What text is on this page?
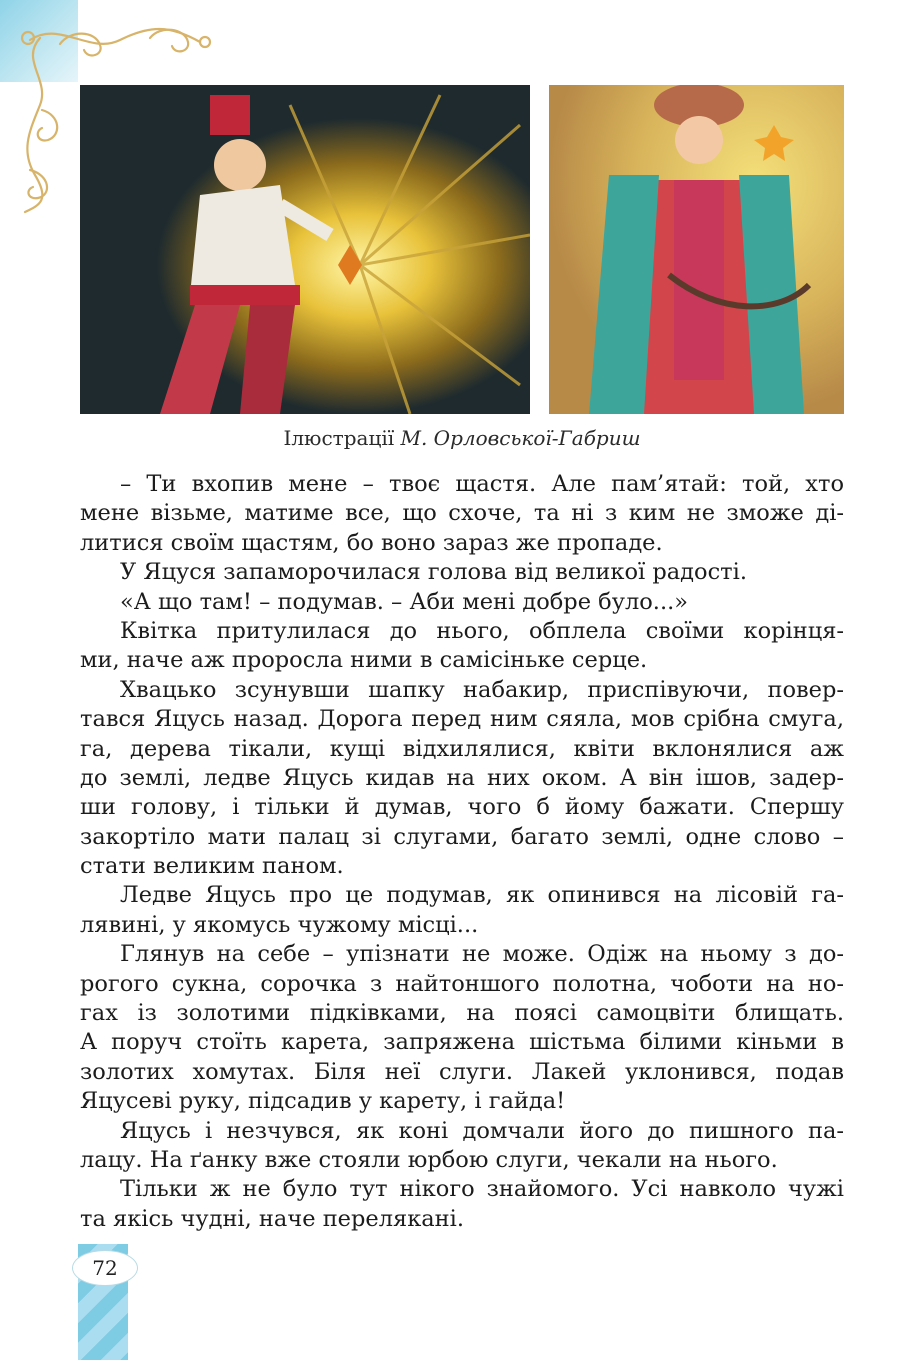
Ілюстрації М. Орловської-Габриш
– Ти вхопив мене – твоє щастя. Але пам’ятай: той, хто
мене візьме, матиме все, що схоче, та ні з ким не зможе ді-
литися своїм щастям, бо воно зараз же пропаде.
У Яцуся запаморочилася голова від великої радості.
«А що там! – подумав. – Аби мені добре було...»
Квітка притулилася до нього, обплела своїми корінця-
ми, наче аж проросла ними в самісіньке серце.
Хвацько зсунувши шапку набакир, приспівуючи, повер-
тався Яцусь назад. Дорога перед ним сяяла, мов срібна смуга,
га, дерева тікали, кущі відхилялися, квіти вклонялися аж
до землі, ледве Яцусь кидав на них оком. А він ішов, задер-
ши голову, і тільки й думав, чого б йому бажати. Спершу
закортіло мати палац зі слугами, багато землі, одне слово –
стати великим паном.
Ледве Яцусь про це подумав, як опинився на лісовій га-
лявині, у якомусь чужому місці...
Глянув на себе – упізнати не може. Одіж на ньому з до-
рогого сукна, сорочка з найтоншого полотна, чоботи на но-
гах із золотими підківками, на поясі самоцвіти блищать.
А поруч стоїть карета, запряжена шістьма білими кіньми в
золотих хомутах. Біля неї слуги. Лакей уклонився, подав
Яцусеві руку, підсадив у карету, і гайда!
Яцусь і незчувся, як коні домчали його до пишного па-
лацу. На ґанку вже стояли юрбою слуги, чекали на нього.
Тільки ж не було тут нікого знайомого. Усі навколо чужі
та якісь чудні, наче перелякані.
72
